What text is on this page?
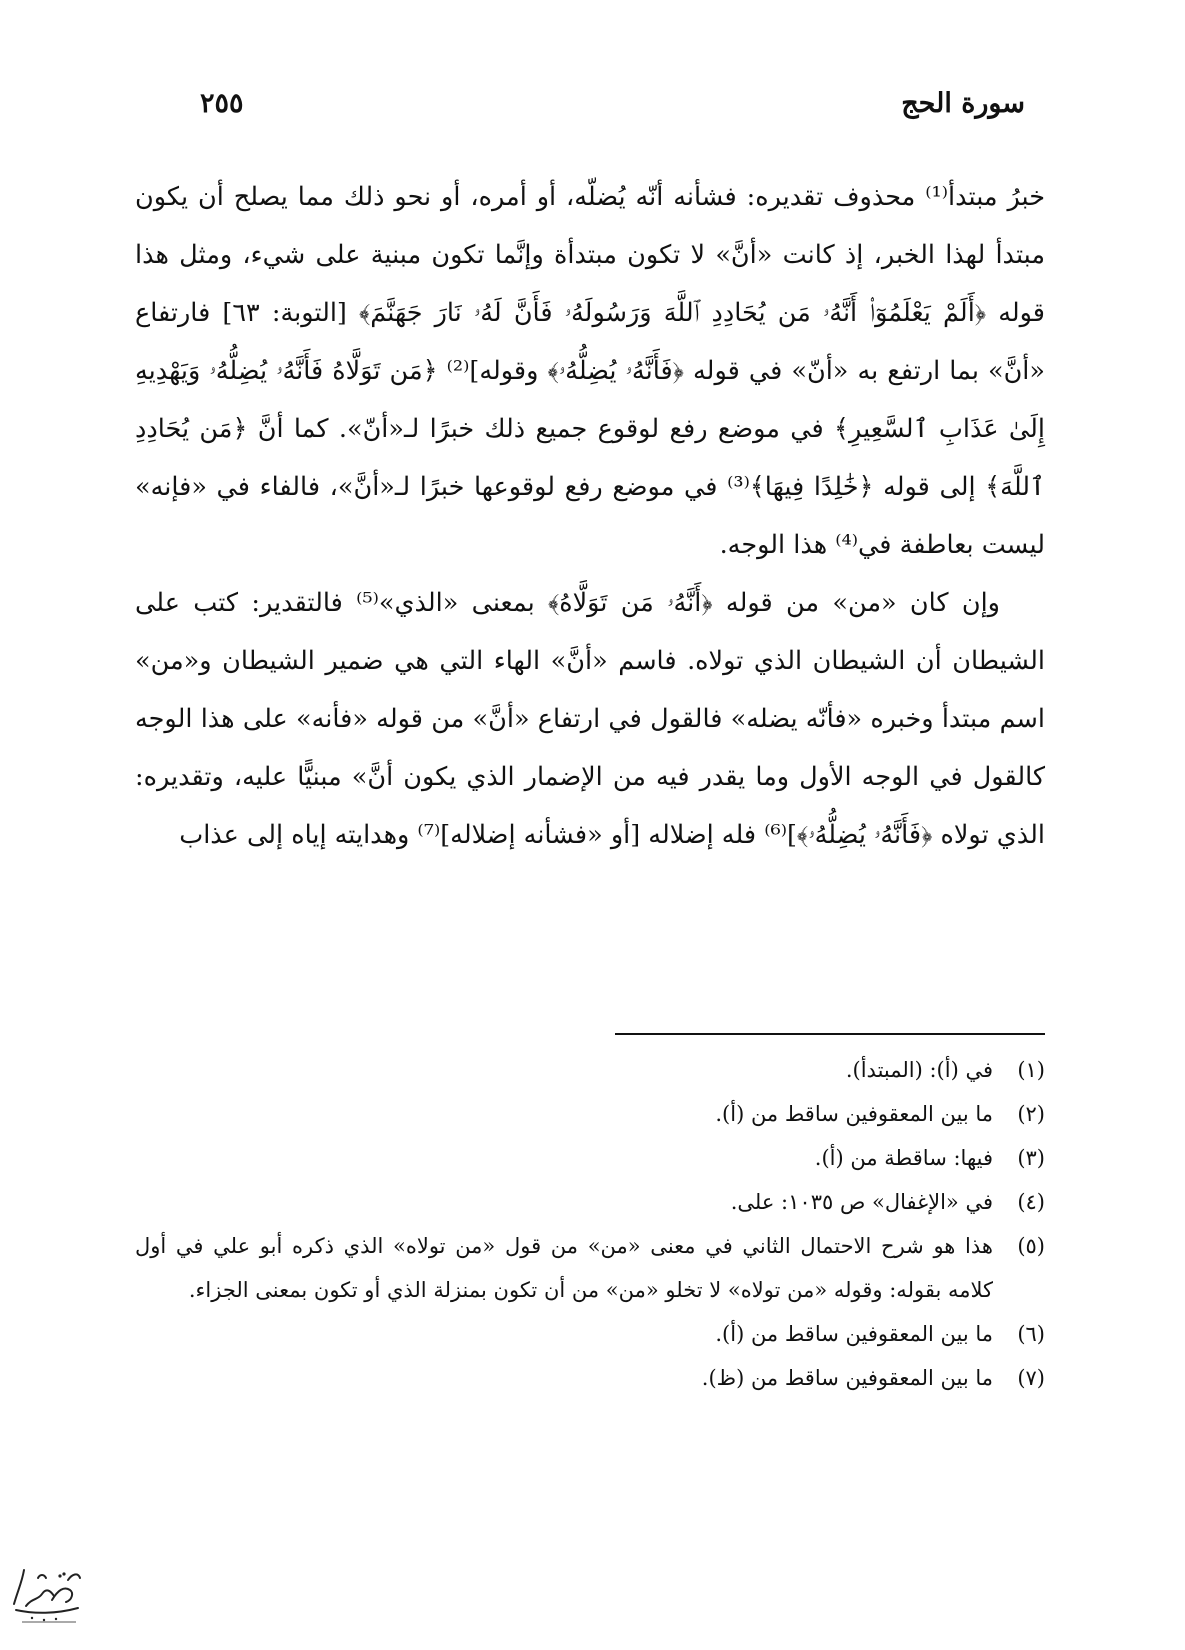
سورة الحج
٢٥٥

خبرُ مبتدأ⁽¹⁾ محذوف تقديره: فشأنه أنّه يُضلّه، أو أمره، أو نحو ذلك مما يصلح أن يكون مبتدأ لهذا الخبر، إذ كانت «أنَّ» لا تكون مبتدأة وإنَّما تكون مبنية على شيء، ومثل هذا قوله ﴿أَلَمْ يَعْلَمُوٓا۟ أَنَّهُۥ مَن يُحَادِدِ ٱللَّهَ وَرَسُولَهُۥ فَأَنَّ لَهُۥ نَارَ جَهَنَّمَ﴾ [التوبة: ٦٣] فارتفاع «أنَّ» بما ارتفع به «أنّ» في قوله ﴿فَأَنَّهُۥ يُضِلُّهُۥ﴾ وقوله]⁽²⁾ ﴿مَن تَوَلَّاهُ فَأَنَّهُۥ يُضِلُّهُۥ وَيَهْدِيهِ إِلَىٰ عَذَابِ ٱلسَّعِيرِ﴾ في موضع رفع لوقوع جميع ذلك خبرًا لـ«أنّ». كما أنَّ ﴿مَن يُحَادِدِ ٱللَّهَ﴾ إلى قوله ﴿خَٰلِدًا فِيهَا﴾⁽³⁾ في موضع رفع لوقوعها خبرًا لـ«أنَّ»، فالفاء في «فإنه» ليست بعاطفة في⁽⁴⁾ هذا الوجه.

وإن كان «من» من قوله ﴿أَنَّهُۥ مَن تَوَلَّاهُ﴾ بمعنى «الذي»⁽⁵⁾ فالتقدير: كتب على الشيطان أن الشيطان الذي تولاه. فاسم «أنَّ» الهاء التي هي ضمير الشيطان و«من» اسم مبتدأ وخبره «فأنّه يضله» فالقول في ارتفاع «أنَّ» من قوله «فأنه» على هذا الوجه كالقول في الوجه الأول وما يقدر فيه من الإضمار الذي يكون أنَّ» مبنيًّا عليه، وتقديره: الذي تولاه ﴿فَأَنَّهُۥ يُضِلُّهُۥ﴾]⁽⁶⁾ فله إضلاله [أو «فشأنه إضلاله]⁽⁷⁾ وهدايته إياه إلى عذاب

(١)
في (أ): (المبتدأ).
(٢)
ما بين المعقوفين ساقط من (أ).
(٣)
فيها: ساقطة من (أ).
(٤)
في «الإغفال» ص ١٠٣٥: على.
(٥)
هذا هو شرح الاحتمال الثاني في معنى «من» من قول «من تولاه» الذي ذكره أبو علي في أول كلامه بقوله: وقوله «من تولاه» لا تخلو «من» من أن تكون بمنزلة الذي أو تكون بمعنى الجزاء.
(٦)
ما بين المعقوفين ساقط من (أ).
(٧)
ما بين المعقوفين ساقط من (ظ).
